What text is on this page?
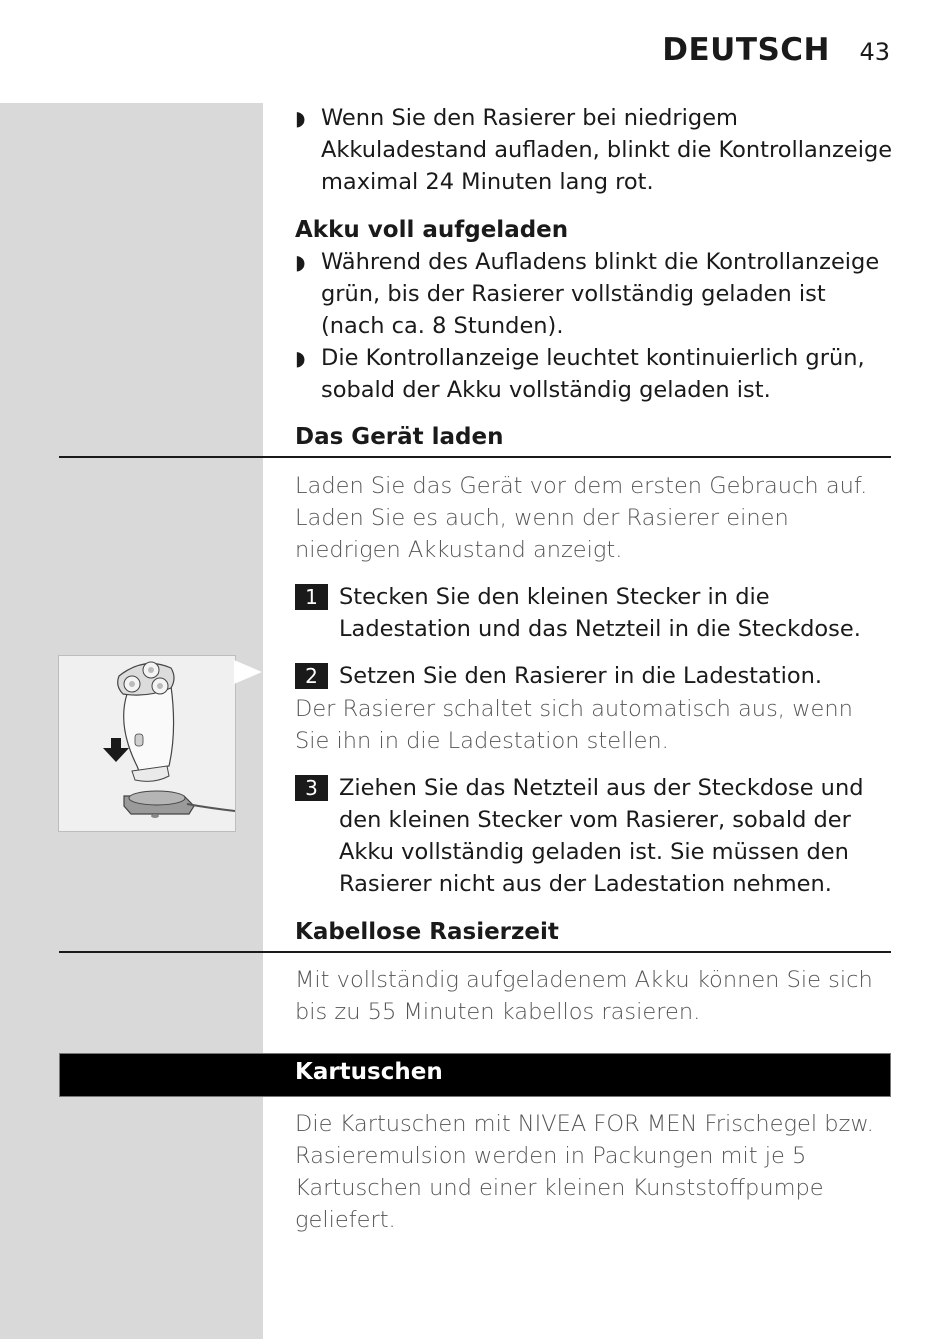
DEUTSCH 43
◗ Wenn Sie den Rasierer bei niedrigem Akkuladestand aufladen, blinkt die Kontrollanzeige maximal 24 Minuten lang rot.
Akku voll aufgeladen
◗ Während des Aufladens blinkt die Kontrollanzeige grün, bis der Rasierer vollständig geladen ist (nach ca. 8 Stunden).
◗ Die Kontrollanzeige leuchtet kontinuierlich grün, sobald der Akku vollständig geladen ist.
Das Gerät laden
Laden Sie das Gerät vor dem ersten Gebrauch auf. Laden Sie es auch, wenn der Rasierer einen niedrigen Akkustand anzeigt.
1 Stecken Sie den kleinen Stecker in die Ladestation und das Netzteil in die Steckdose.
2 Setzen Sie den Rasierer in die Ladestation.
Der Rasierer schaltet sich automatisch aus, wenn Sie ihn in die Ladestation stellen.
3 Ziehen Sie das Netzteil aus der Steckdose und den kleinen Stecker vom Rasierer, sobald der Akku vollständig geladen ist. Sie müssen den Rasierer nicht aus der Ladestation nehmen.
Kabellose Rasierzeit
Mit vollständig aufgeladenem Akku können Sie sich bis zu 55 Minuten kabellos rasieren.
Kartuschen
Die Kartuschen mit NIVEA FOR MEN Frischegel bzw. Rasieremulsion werden in Packungen mit je 5 Kartuschen und einer kleinen Kunststoffpumpe geliefert.
